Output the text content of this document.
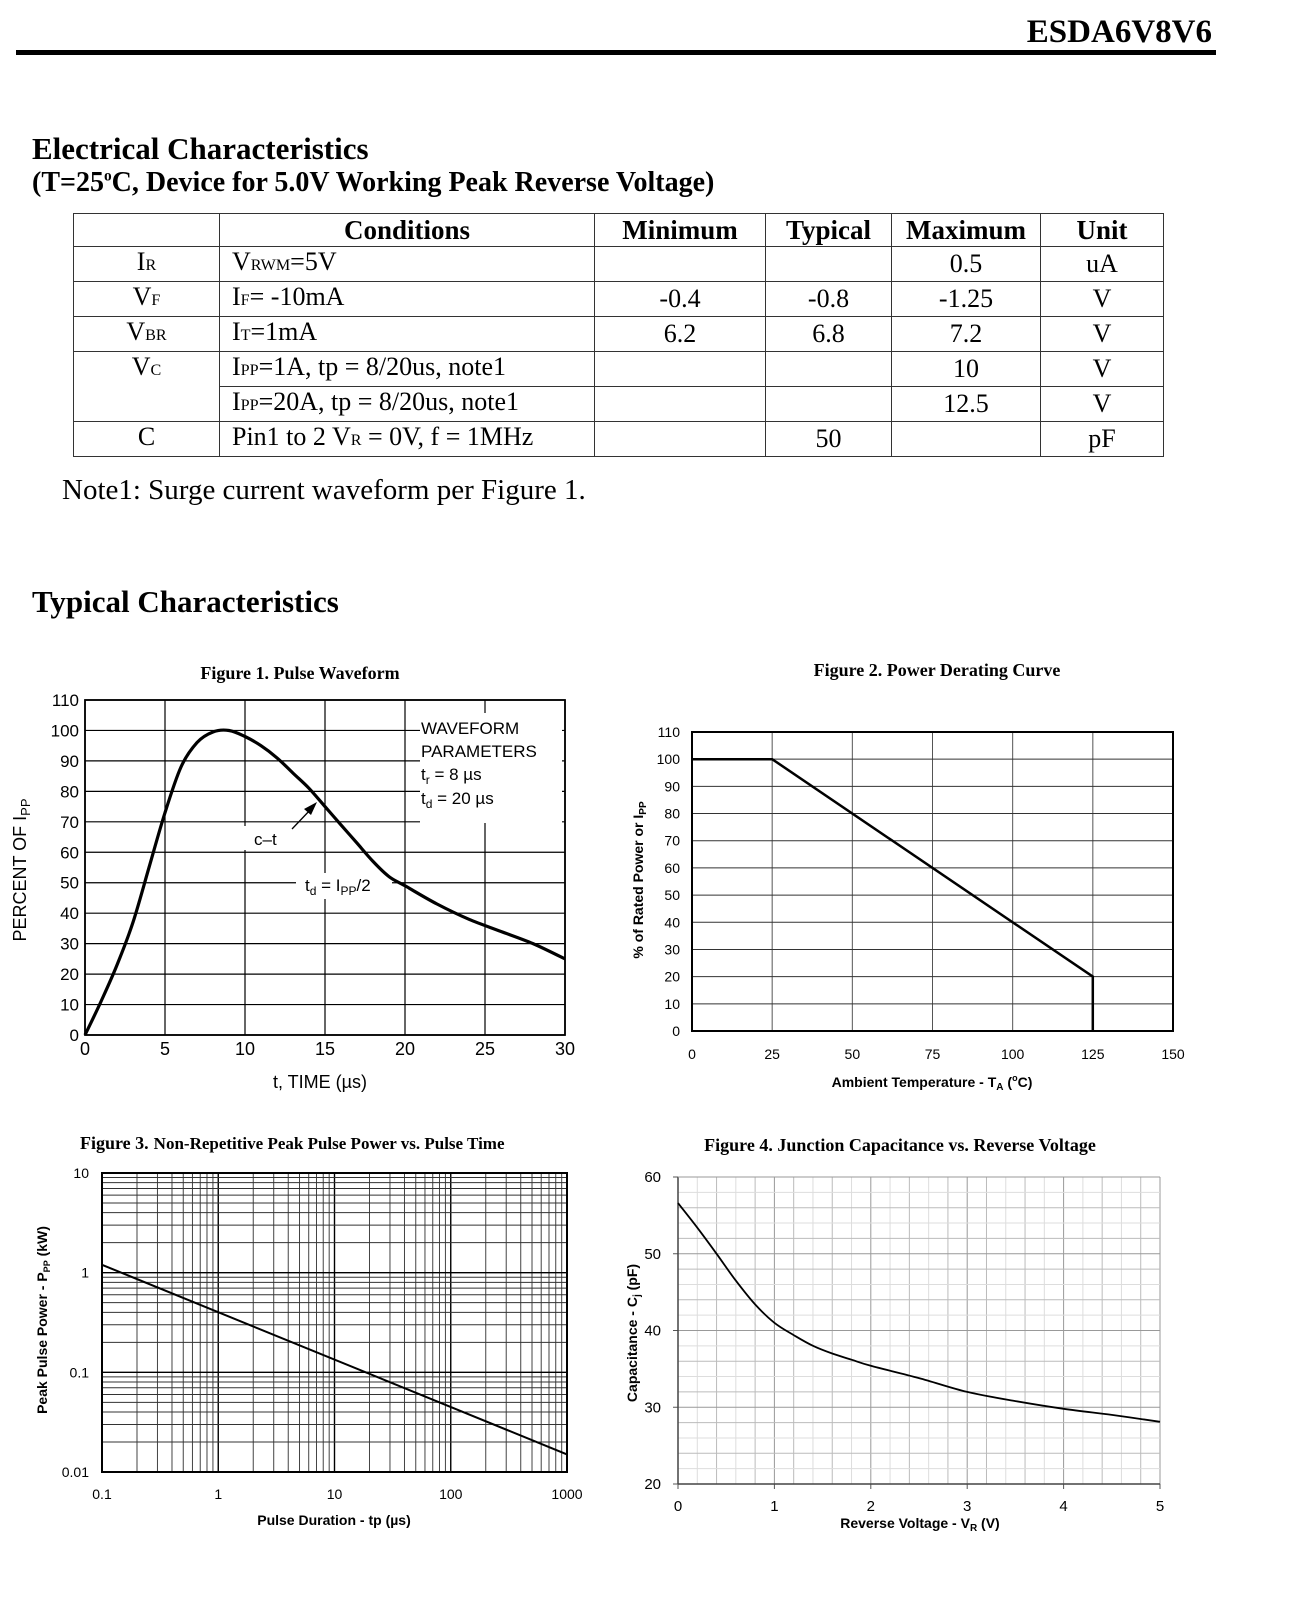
ESDA6V8V6
Electrical Characteristics
($T=25^oC$, Device for 5.0V Working Peak Reverse Voltage)
	Conditions	Minimum	Typical	Maximum	Unit
IR	VRWM=5V			0.5	uA
VF	IF= -10mA	-0.4	-0.8	-1.25	V
VBR	IT=1mA	6.2	6.8	7.2	V
VC	IPP=1A, tp = 8/20us, note1			10	V
	IPP=20A, tp = 8/20us, note1			12.5	V
C	Pin1 to 2 VR = 0V, f = 1MHz		50		pF
Note1: Surge current waveform per Figure 1.
Typical Characteristics
Figure 1. Pulse Waveform
0	5	10	15	20	25	30
0
10
20
30
40
50
60
70
80
90
100
110
WAVEFORM
PARAMETERS
$t_r = 8$ µs
$t_d = 20$ µs
c–t
$t_d = I_{PP}/2$
t, TIME (µs)
PERCENT OF $I_{PP}$
Figure 2. Power Derating Curve
0	25	50	75	100	125	150
0
10
20
30
40
50
60
70
80
90
100
110
Ambient Temperature - $T_A$ ($^o$C)
% of Rated Power or $I_{PP}$
Figure 3. Non-Repetitive Peak Pulse Power vs. Pulse Time
0.1	1	10	100	1000
0.01
0.1
1
10
Pulse Duration - tp (µs)
Peak Pulse Power - $P_{PP}$ (kW)
Figure 4. Junction Capacitance vs. Reverse Voltage
0	1	2	3	4	5
20
30
40
50
60
Reverse Voltage - $V_R$ (V)
Capacitance - $C_j$ (pF)
